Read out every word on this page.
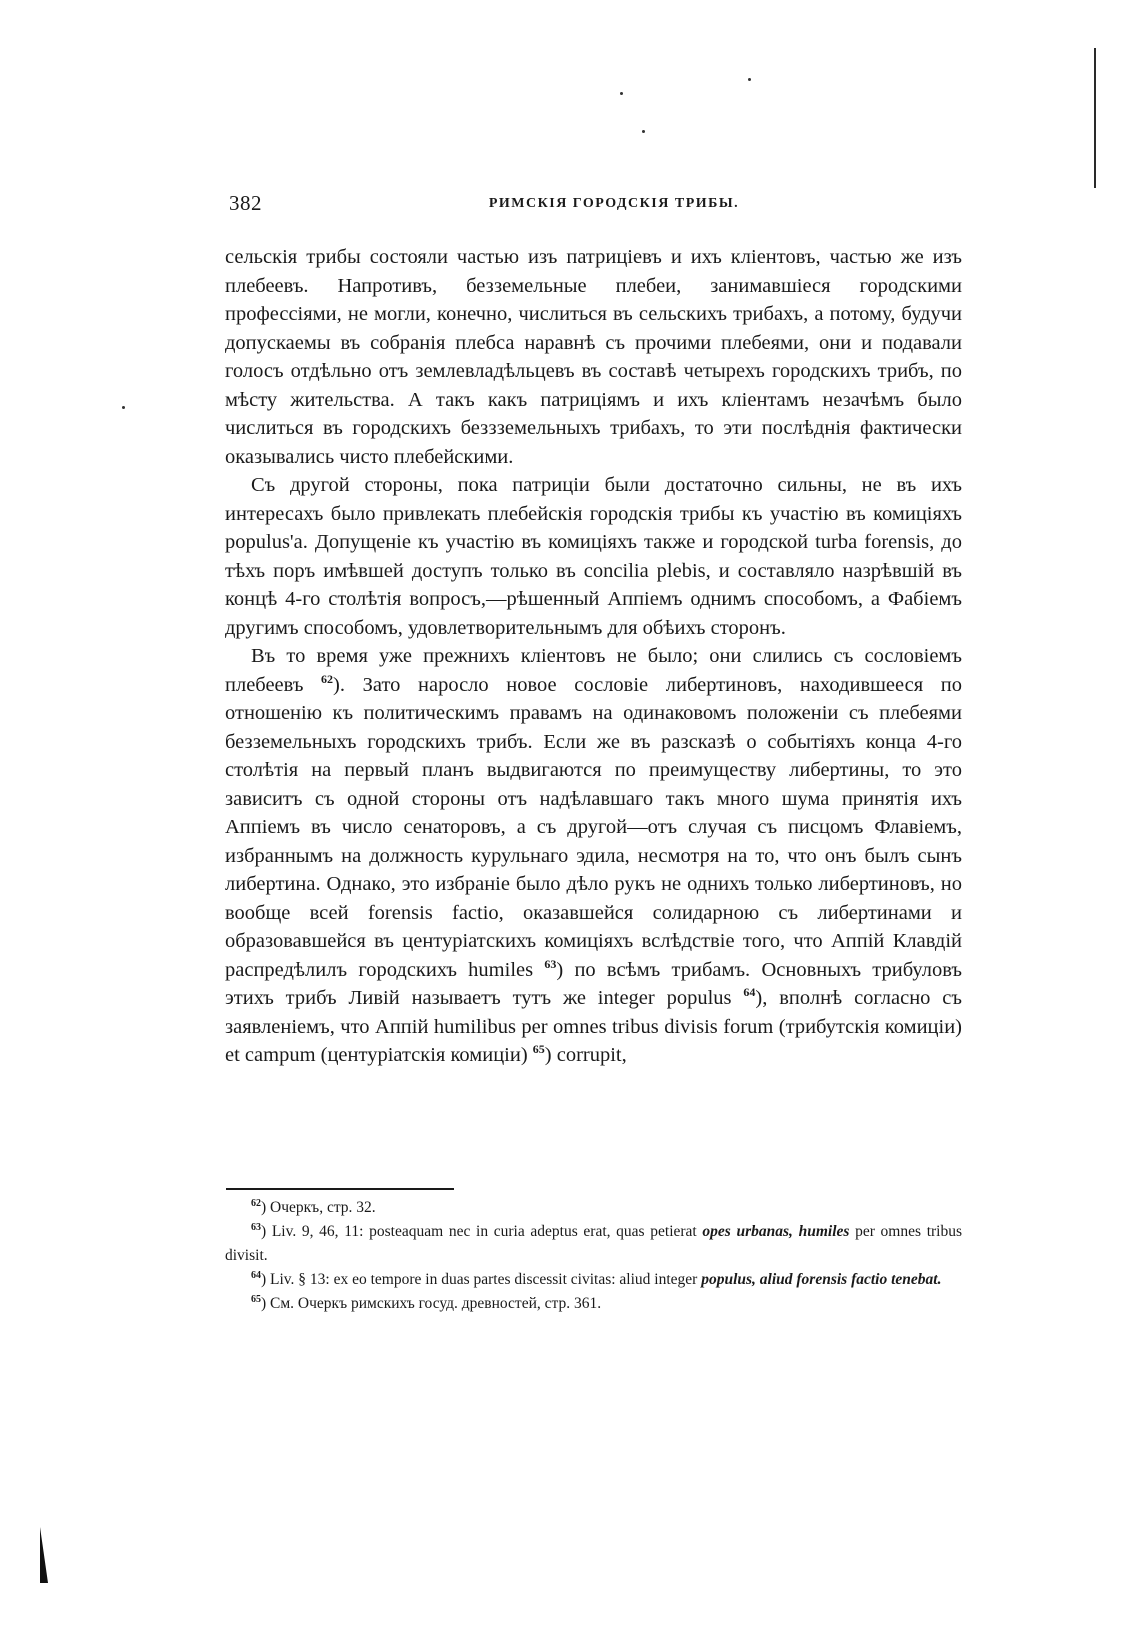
382	РИМСКIЯ ГОРОДСКIЯ ТРИБЫ.

сельскія трибы состояли частью изъ патриціевъ и ихъ кліентовъ, частью же изъ плебеевъ. Напротивъ, безземельные плебеи, занимавшіеся городскими профессіями, не могли, конечно, числиться въ сельскихъ трибахъ, а потому, будучи допускаемы въ собранія плебса наравнѣ съ прочими плебеями, они и подавали голосъ отдѣльно отъ землевладѣльцевъ въ составѣ четырехъ городскихъ трибъ, по мѣсту жительства. А такъ какъ патриціямъ и ихъ кліентамъ незачѣмъ было числиться въ городскихъ беззземельныхъ трибахъ, то эти послѣднія фактически оказывались чисто плебейскими.

Съ другой стороны, пока патриціи были достаточно сильны, не въ ихъ интересахъ было привлекать плебейскія городскія трибы къ участію въ комиціяхъ populus'a. Допущеніе къ участію въ комиціяхъ также и городской turba forensis, до тѣхъ поръ имѣвшей доступъ только въ concilia plebis, и составляло назрѣвшій въ концѣ 4-го столѣтія вопросъ,—рѣшенный Аппіемъ однимъ способомъ, а Фабіемъ другимъ способомъ, удовлетворительнымъ для обѣихъ сторонъ.

Въ то время уже прежнихъ кліентовъ не было; они слились съ сословіемъ плебеевъ $^{62}$). Зато наросло новое сословіе либертиновъ, находившееся по отношенію къ политическимъ правамъ на одинаковомъ положеніи съ плебеями безземельныхъ городскихъ трибъ. Если же въ разсказѣ о событіяхъ конца 4-го столѣтія на первый планъ выдвигаются по преимуществу либертины, то это зависитъ съ одной стороны отъ надѣлавшаго такъ много шума принятія ихъ Аппіемъ въ число сенаторовъ, а съ другой—отъ случая съ писцомъ Флавіемъ, избраннымъ на должность курульнаго эдила, несмотря на то, что онъ былъ сынъ либертина. Однако, это избраніе было дѣло рукъ не однихъ только либертиновъ, но вообще всей forensis factio, оказавшейся солидарною съ либертинами и образовавшейся въ центуріатскихъ комиціяхъ вслѣдствіе того, что Аппій Клавдій распредѣлилъ городскихъ humiles $^{63}$) по всѣмъ трибамъ. Основныхъ трибуловъ этихъ трибъ Ливій называетъ тутъ же integer populus $^{64}$), вполнѣ согласно съ заявленіемъ, что Аппій humilibus per omnes tribus divisis forum (трибутскія комиціи) et campum (центуріатскія комиціи) $^{65}$) corrupit,

$^{62}$) Очеркъ, стр. 32.

$^{63}$) Liv. 9, 46, 11: posteaquam nec in curia adeptus erat, quas petierat opes urbanas, humiles per omnes tribus divisit.

$^{64}$) Liv. § 13: ex eo tempore in duas partes discessit civitas: aliud integer populus, aliud forensis factio tenebat.

$^{65}$) См. Очеркъ римскихъ госуд. древностей, стр. 361.
